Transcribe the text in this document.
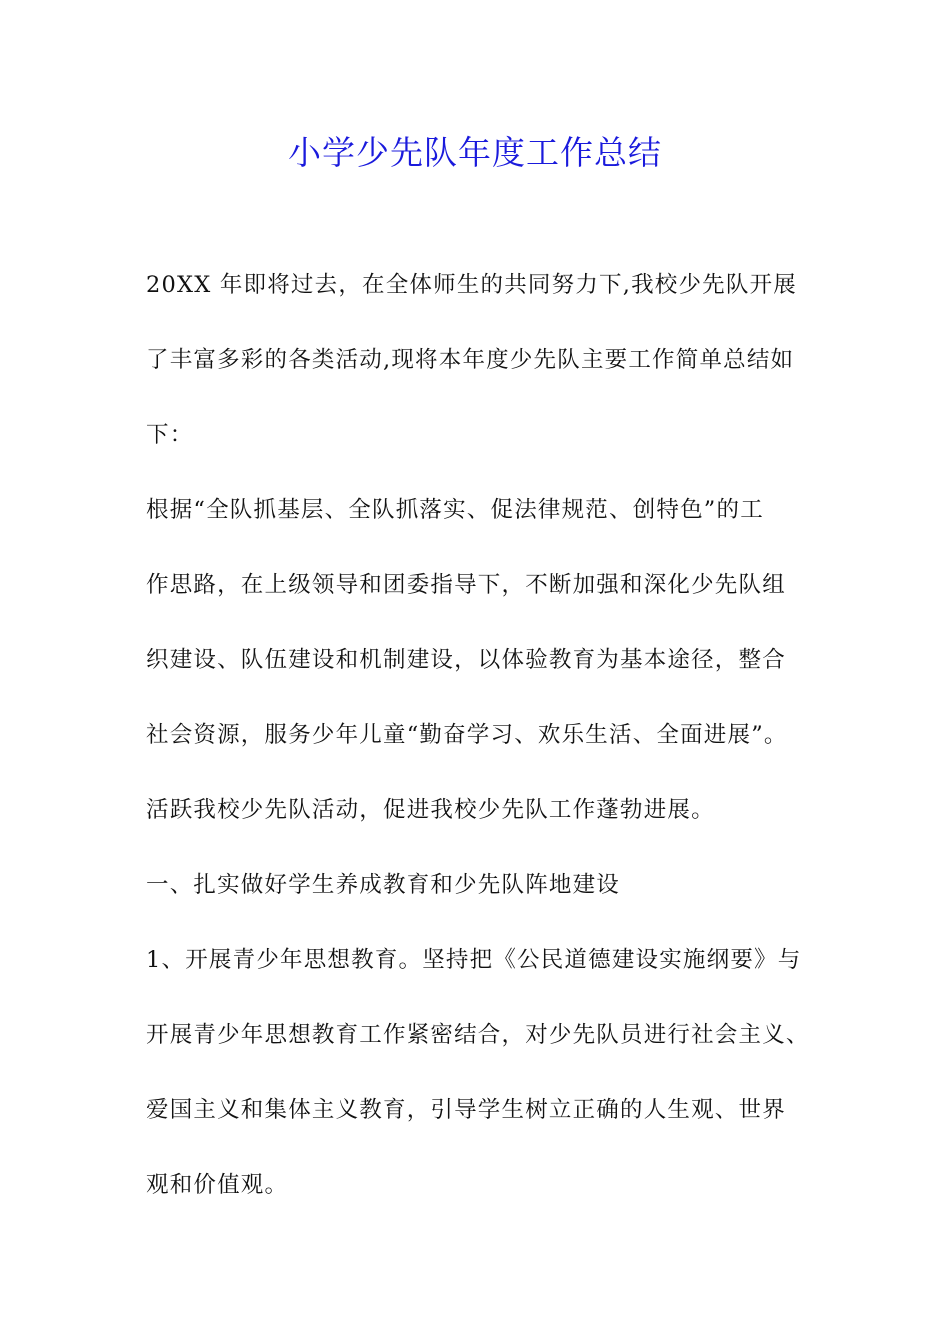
小学少先队年度工作总结
20XX 年即将过去，在全体师生的共同努力下,我校少先队开展
了丰富多彩的各类活动,现将本年度少先队主要工作简单总结如
下：
根据“全队抓基层、全队抓落实、促法律规范、创特色”的工
作思路，在上级领导和团委指导下，不断加强和深化少先队组
织建设、队伍建设和机制建设，以体验教育为基本途径，整合
社会资源，服务少年儿童“勤奋学习、欢乐生活、全面进展”。
活跃我校少先队活动，促进我校少先队工作蓬勃进展。
一、扎实做好学生养成教育和少先队阵地建设
1、开展青少年思想教育。坚持把《公民道德建设实施纲要》与
开展青少年思想教育工作紧密结合，对少先队员进行社会主义、
爱国主义和集体主义教育，引导学生树立正确的人生观、世界
观和价值观。
